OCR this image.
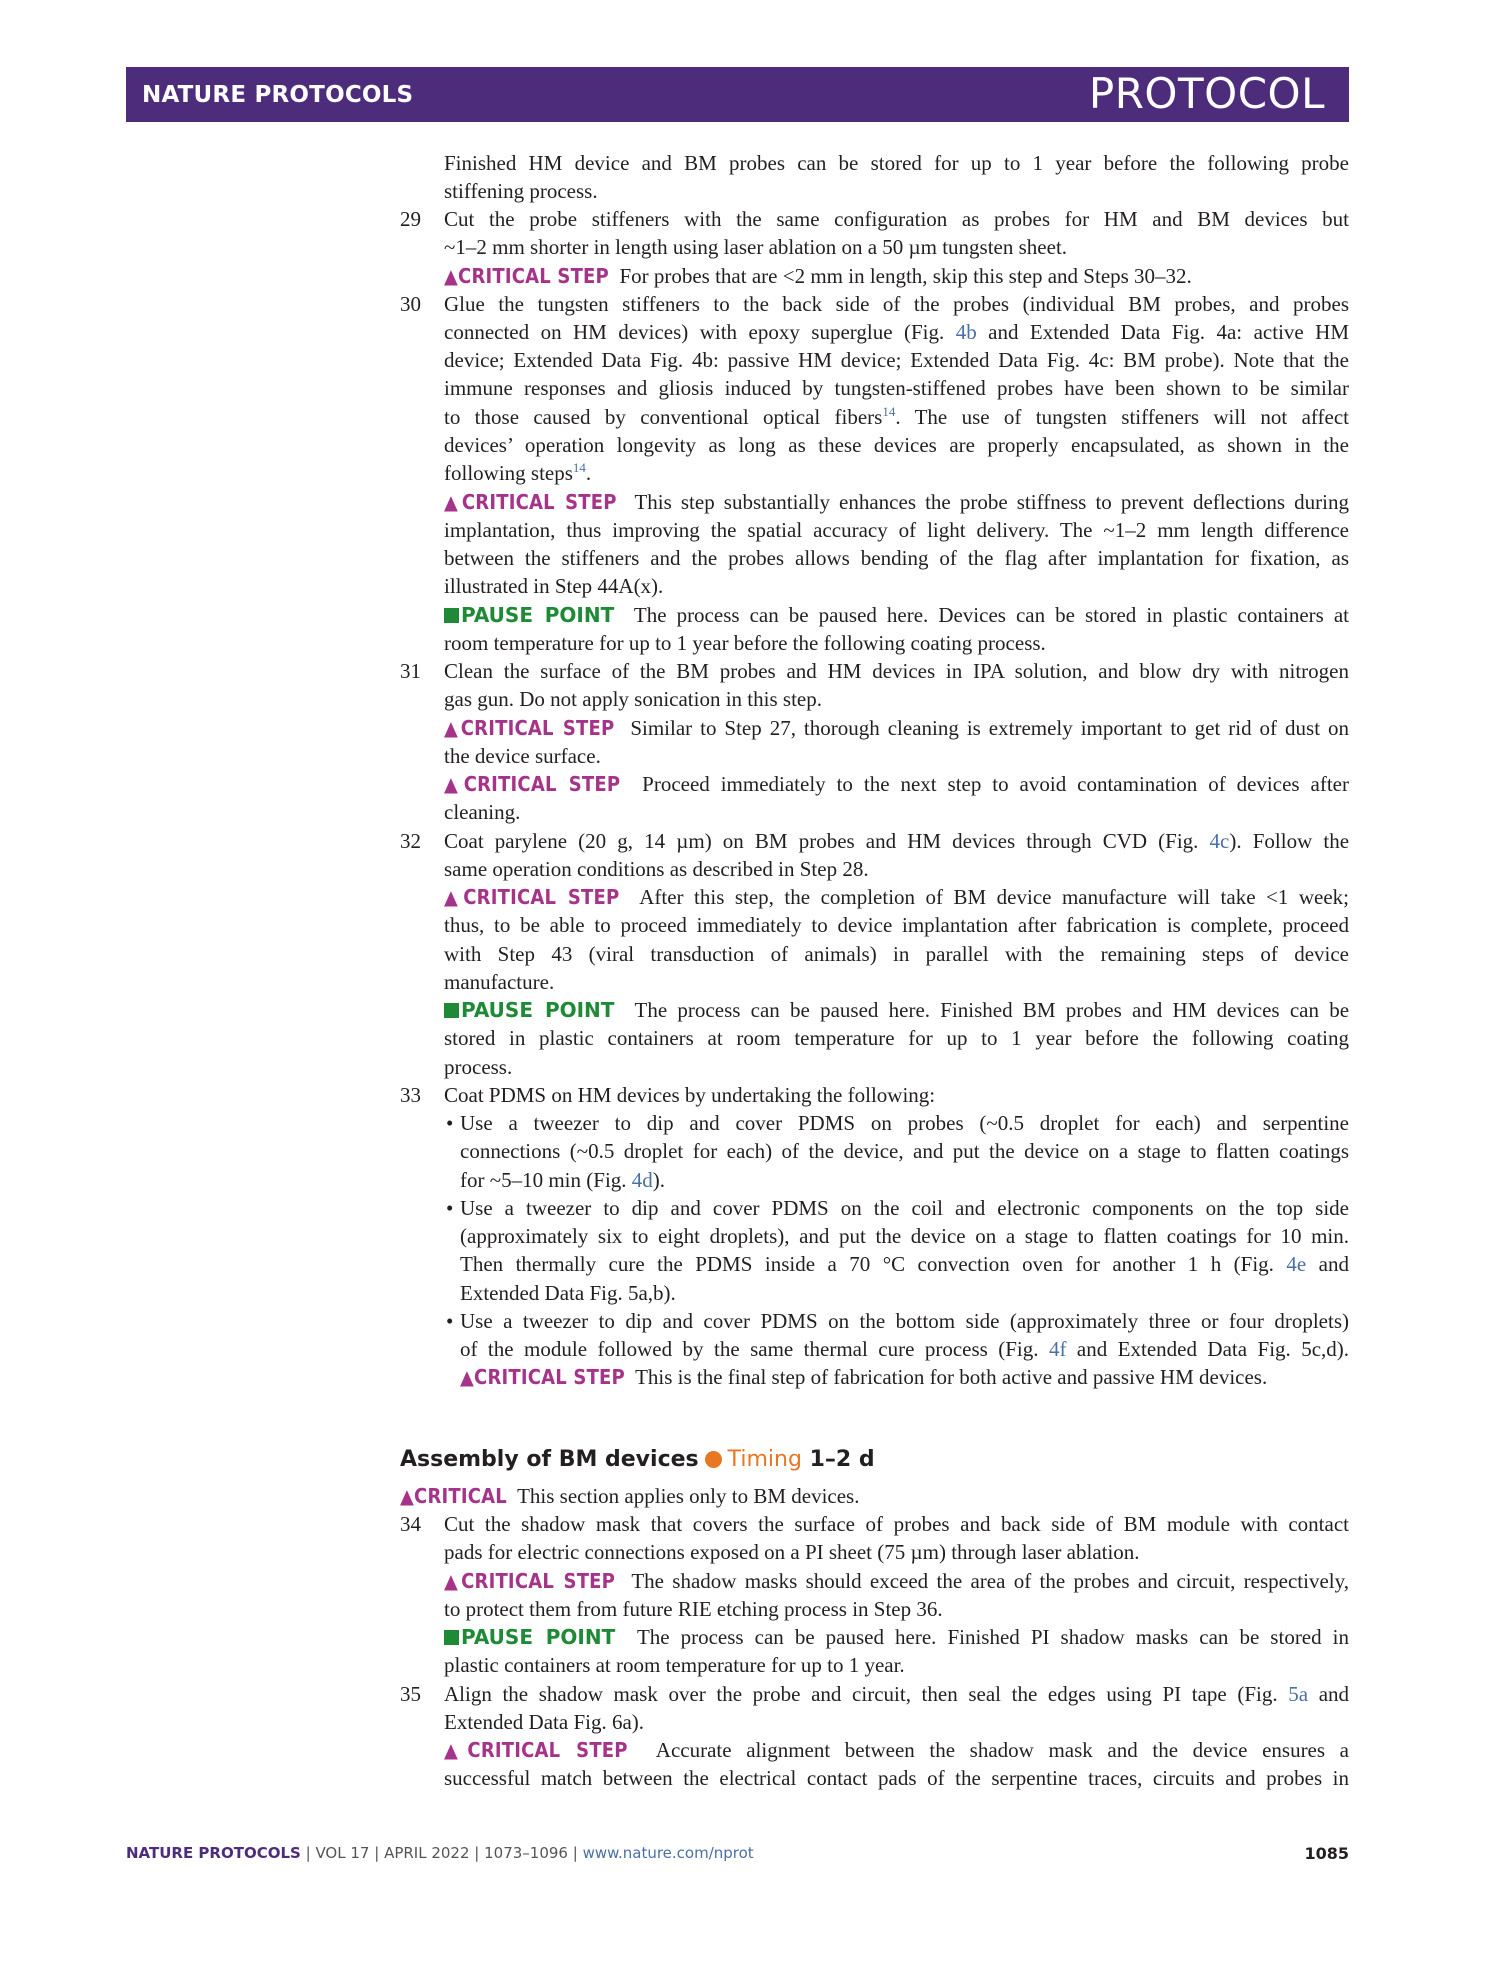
NATURE PROTOCOLS	PROTOCOL
Finished HM device and BM probes can be stored for up to 1 year before the following probe
stiffening process.
29 Cut the probe stiffeners with the same configuration as probes for HM and BM devices but
~1–2 mm shorter in length using laser ablation on a 50 µm tungsten sheet.
▲CRITICAL STEP For probes that are <2 mm in length, skip this step and Steps 30–32.
30 Glue the tungsten stiffeners to the back side of the probes (individual BM probes, and probes
connected on HM devices) with epoxy superglue (Fig. 4b and Extended Data Fig. 4a: active HM
device; Extended Data Fig. 4b: passive HM device; Extended Data Fig. 4c: BM probe). Note that the
immune responses and gliosis induced by tungsten-stiffened probes have been shown to be similar
to those caused by conventional optical fibers$^{14}$. The use of tungsten stiffeners will not affect
devices’ operation longevity as long as these devices are properly encapsulated, as shown in the
following steps$^{14}$.
▲CRITICAL STEP This step substantially enhances the probe stiffness to prevent deflections during
implantation, thus improving the spatial accuracy of light delivery. The ~1–2 mm length difference
between the stiffeners and the probes allows bending of the flag after implantation for fixation, as
illustrated in Step 44A(x).
PAUSE POINT The process can be paused here. Devices can be stored in plastic containers at
room temperature for up to 1 year before the following coating process.
31 Clean the surface of the BM probes and HM devices in IPA solution, and blow dry with nitrogen
gas gun. Do not apply sonication in this step.
▲CRITICAL STEP Similar to Step 27, thorough cleaning is extremely important to get rid of dust on
the device surface.
▲CRITICAL STEP Proceed immediately to the next step to avoid contamination of devices after
cleaning.
32 Coat parylene (20 g, 14 µm) on BM probes and HM devices through CVD (Fig. 4c). Follow the
same operation conditions as described in Step 28.
▲CRITICAL STEP After this step, the completion of BM device manufacture will take <1 week;
thus, to be able to proceed immediately to device implantation after fabrication is complete, proceed
with Step 43 (viral transduction of animals) in parallel with the remaining steps of device
manufacture.
PAUSE POINT The process can be paused here. Finished BM probes and HM devices can be
stored in plastic containers at room temperature for up to 1 year before the following coating
process.
33 Coat PDMS on HM devices by undertaking the following:
• Use a tweezer to dip and cover PDMS on probes (~0.5 droplet for each) and serpentine
connections (~0.5 droplet for each) of the device, and put the device on a stage to flatten coatings
for ~5–10 min (Fig. 4d).
• Use a tweezer to dip and cover PDMS on the coil and electronic components on the top side
(approximately six to eight droplets), and put the device on a stage to flatten coatings for 10 min.
Then thermally cure the PDMS inside a 70 °C convection oven for another 1 h (Fig. 4e and
Extended Data Fig. 5a,b).
• Use a tweezer to dip and cover PDMS on the bottom side (approximately three or four droplets)
of the module followed by the same thermal cure process (Fig. 4f and Extended Data Fig. 5c,d).
▲CRITICAL STEP This is the final step of fabrication for both active and passive HM devices.
Assembly of BM devices Timing 1–2 d
▲CRITICAL This section applies only to BM devices.
34 Cut the shadow mask that covers the surface of probes and back side of BM module with contact
pads for electric connections exposed on a PI sheet (75 µm) through laser ablation.
▲CRITICAL STEP The shadow masks should exceed the area of the probes and circuit, respectively,
to protect them from future RIE etching process in Step 36.
PAUSE POINT The process can be paused here. Finished PI shadow masks can be stored in
plastic containers at room temperature for up to 1 year.
35 Align the shadow mask over the probe and circuit, then seal the edges using PI tape (Fig. 5a and
Extended Data Fig. 6a).
▲CRITICAL STEP Accurate alignment between the shadow mask and the device ensures a
successful match between the electrical contact pads of the serpentine traces, circuits and probes in
NATURE PROTOCOLS | VOL 17 | APRIL 2022 | 1073–1096 | www.nature.com/nprot	1085
